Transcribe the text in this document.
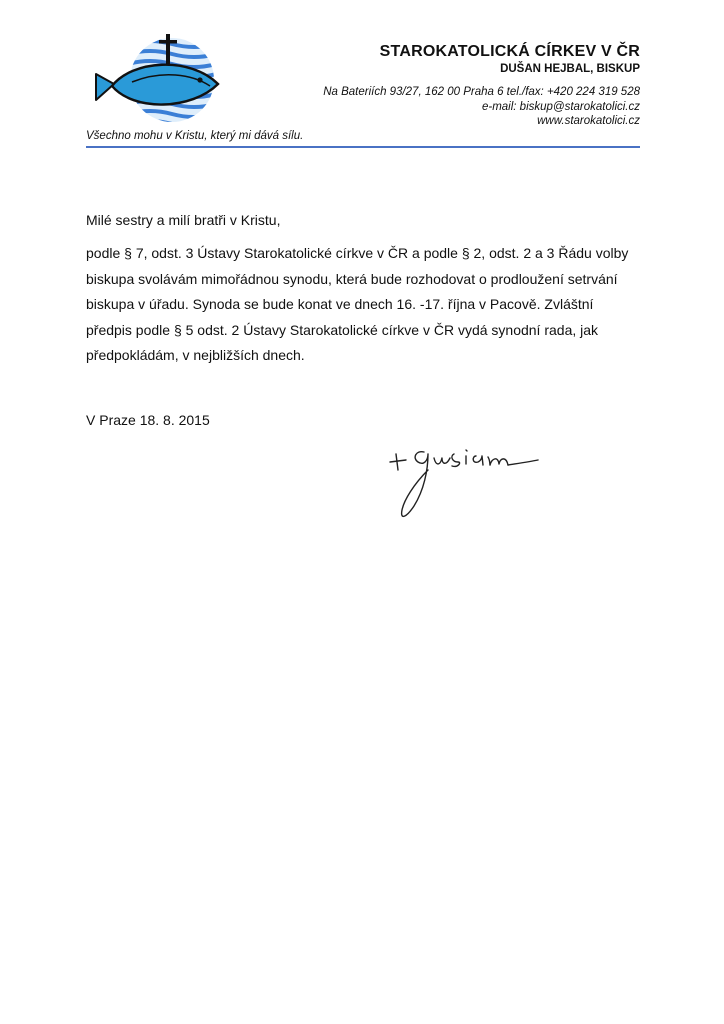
STAROKATOLICKÁ CÍRKEV V ČR
DUŠAN HEJBAL, BISKUP
Na Bateriích 93/27, 162 00 Praha 6 tel./fax: +420 224 319 528
e-mail: biskup@starokatolici.cz
www.starokatolici.cz
Všechno mohu v Kristu, který mi dává sílu.
Milé sestry a milí bratři v Kristu,
podle § 7, odst. 3 Ústavy Starokatolické církve v ČR a podle § 2, odst. 2 a 3 Řádu volby biskupa svolávám mimořádnou synodu, která bude rozhodovat o prodloužení setrvání biskupa v úřadu. Synoda se bude konat ve dnech 16. -17. října v Pacově. Zvláštní předpis podle § 5 odst. 2 Ústavy Starokatolické církve v ČR vydá synodní rada, jak předpokládám, v nejbližších dnech.
V Praze 18. 8. 2015
